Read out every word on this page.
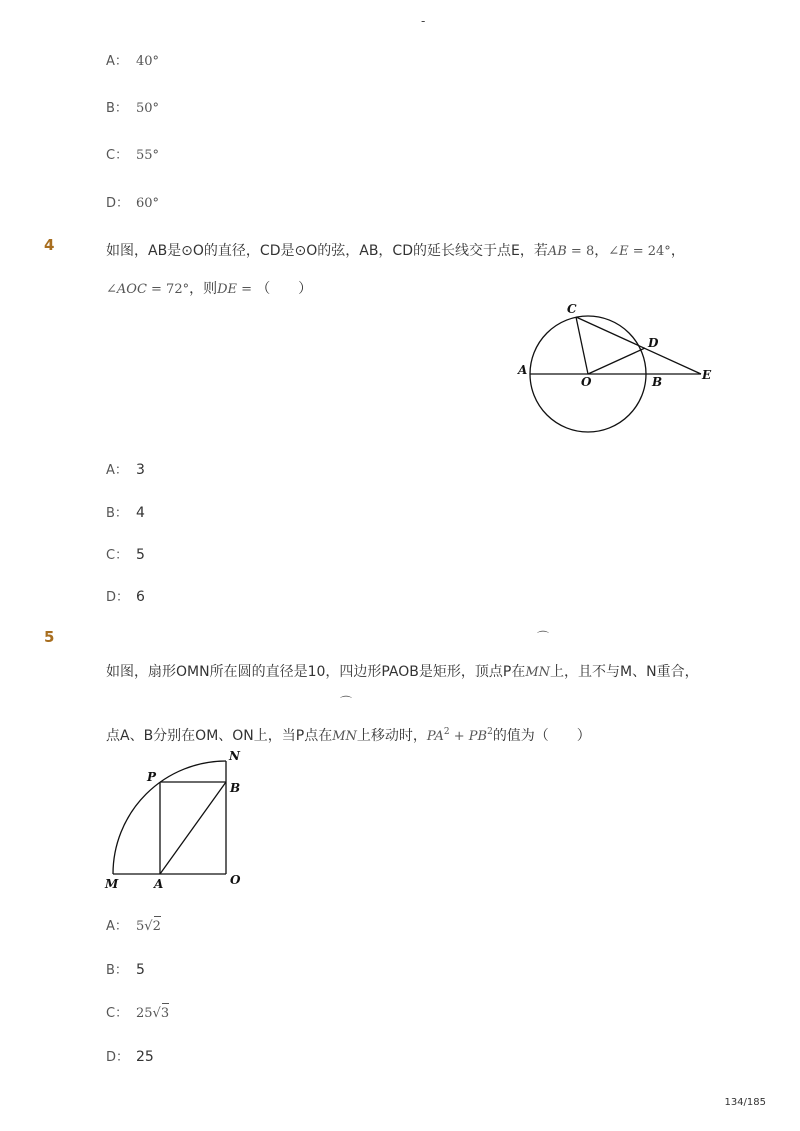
-
A： 40°
B： 50°
C： 55°
D： 60°
4	如图，AB是⊙O的直径，CD是⊙O的弦，AB，CD的延长线交于点E，若AB = 8，∠E = 24°，
∠AOC = 72°，则DE = （　　）
C
D
A
O	B	E
A： 3
B： 4
C： 5
D： 6
5	⌒
如图，扇形OMN所在圆的直径是10，四边形PAOB是矩形，顶点P在MN上，且不与M、N重合，
⌒
点A、B分别在OM、ON上，当P点在MN上移动时，$PA^2 + PB^2$的值为（　　）
N
P
B
M	A	O
A： 5√
2
B： 5
C： 25√
3
D： 25
134/185
